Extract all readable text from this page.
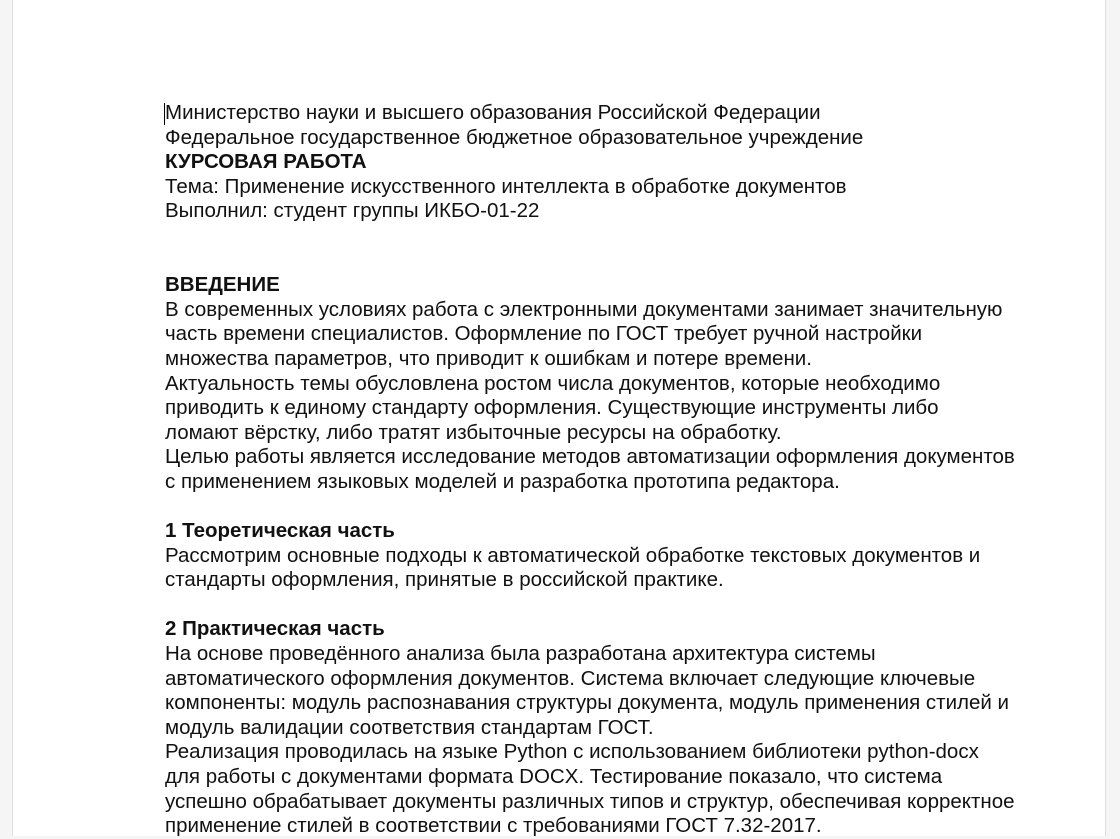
Министерство науки и высшего образования Российской Федерации

Федеральное государственное бюджетное образовательное учреждение

КУРСОВАЯ РАБОТА

Тема: Применение искусственного интеллекта в обработке документов

Выполнил: студент группы ИКБО-01-22

ВВЕДЕНИЕ

В современных условиях работа с электронными документами занимает значительную

часть времени специалистов. Оформление по ГОСТ требует ручной настройки

множества параметров, что приводит к ошибкам и потере времени.

Актуальность темы обусловлена ростом числа документов, которые необходимо

приводить к единому стандарту оформления. Существующие инструменты либо

ломают вёрстку, либо тратят избыточные ресурсы на обработку.

Целью работы является исследование методов автоматизации оформления документов

с применением языковых моделей и разработка прототипа редактора.

1 Теоретическая часть

Рассмотрим основные подходы к автоматической обработке текстовых документов и

стандарты оформления, принятые в российской практике.

2 Практическая часть

На основе проведённого анализа была разработана архитектура системы

автоматического оформления документов. Система включает следующие ключевые

компоненты: модуль распознавания структуры документа, модуль применения стилей и

модуль валидации соответствия стандартам ГОСТ.

Реализация проводилась на языке Python с использованием библиотеки python-docx

для работы с документами формата DOCX. Тестирование показало, что система

успешно обрабатывает документы различных типов и структур, обеспечивая корректное

применение стилей в соответствии с требованиями ГОСТ 7.32-2017.
